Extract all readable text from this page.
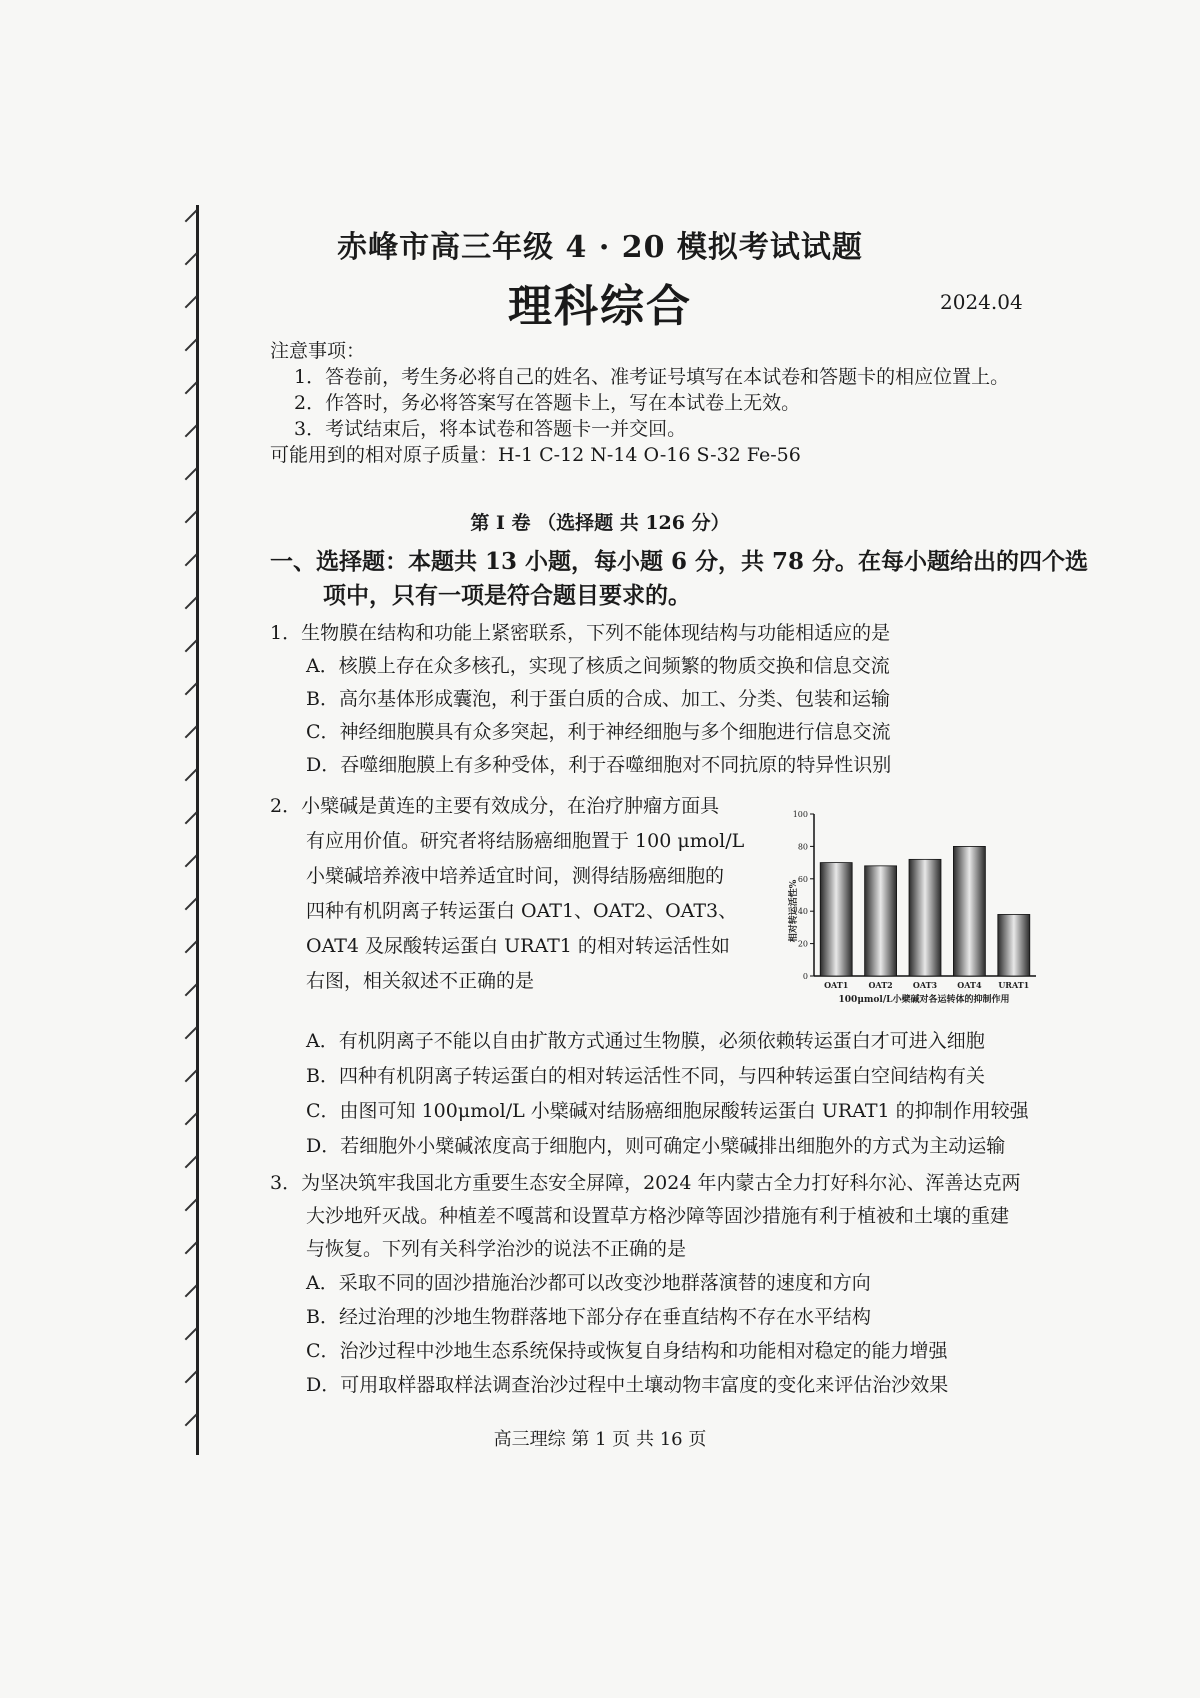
赤峰市高三年级 4 · 20 模拟考试试题
理科综合	2024.04
注意事项：
1．答卷前，考生务必将自己的姓名、准考证号填写在本试卷和答题卡的相应位置上。
2．作答时，务必将答案写在答题卡上，写在本试卷上无效。
3．考试结束后，将本试卷和答题卡一并交回。
可能用到的相对原子质量：H-1 C-12 N-14 O-16 S-32 Fe-56
第 Ⅰ 卷 （选择题 共 126 分）
一、选择题：本题共 13 小题，每小题 6 分，共 78 分。在每小题给出的四个选
项中，只有一项是符合题目要求的。
1．生物膜在结构和功能上紧密联系，下列不能体现结构与功能相适应的是
A．核膜上存在众多核孔，实现了核质之间频繁的物质交换和信息交流
B．高尔基体形成囊泡，利于蛋白质的合成、加工、分类、包装和运输
C．神经细胞膜具有众多突起，利于神经细胞与多个细胞进行信息交流
D．吞噬细胞膜上有多种受体，利于吞噬细胞对不同抗原的特异性识别
2．小檗碱是黄连的主要有效成分，在治疗肿瘤方面具
有应用价值。研究者将结肠癌细胞置于 100 μmol/L
小檗碱培养液中培养适宜时间，测得结肠癌细胞的
四种有机阴离子转运蛋白 OAT1、OAT2、OAT3、
OAT4 及尿酸转运蛋白 URAT1 的相对转运活性如
右图，相关叙述不正确的是
相对转运活性%
OAT1	OAT2	OAT3	OAT4 URAT1
0
20
40
60
80
100
100μmol/L小檗碱对各运转体的抑制作用
A．有机阴离子不能以自由扩散方式通过生物膜，必须依赖转运蛋白才可进入细胞
B．四种有机阴离子转运蛋白的相对转运活性不同，与四种转运蛋白空间结构有关
C．由图可知 100μmol/L 小檗碱对结肠癌细胞尿酸转运蛋白 URAT1 的抑制作用较强
D．若细胞外小檗碱浓度高于细胞内，则可确定小檗碱排出细胞外的方式为主动运输
3．为坚决筑牢我国北方重要生态安全屏障，2024 年内蒙古全力打好科尔沁、浑善达克两
大沙地歼灭战。种植差不嘎蒿和设置草方格沙障等固沙措施有利于植被和土壤的重建
与恢复。下列有关科学治沙的说法不正确的是
A．采取不同的固沙措施治沙都可以改变沙地群落演替的速度和方向
B．经过治理的沙地生物群落地下部分存在垂直结构不存在水平结构
C．治沙过程中沙地生态系统保持或恢复自身结构和功能相对稳定的能力增强
D．可用取样器取样法调查治沙过程中土壤动物丰富度的变化来评估治沙效果
高三理综 第 1 页 共 16 页
